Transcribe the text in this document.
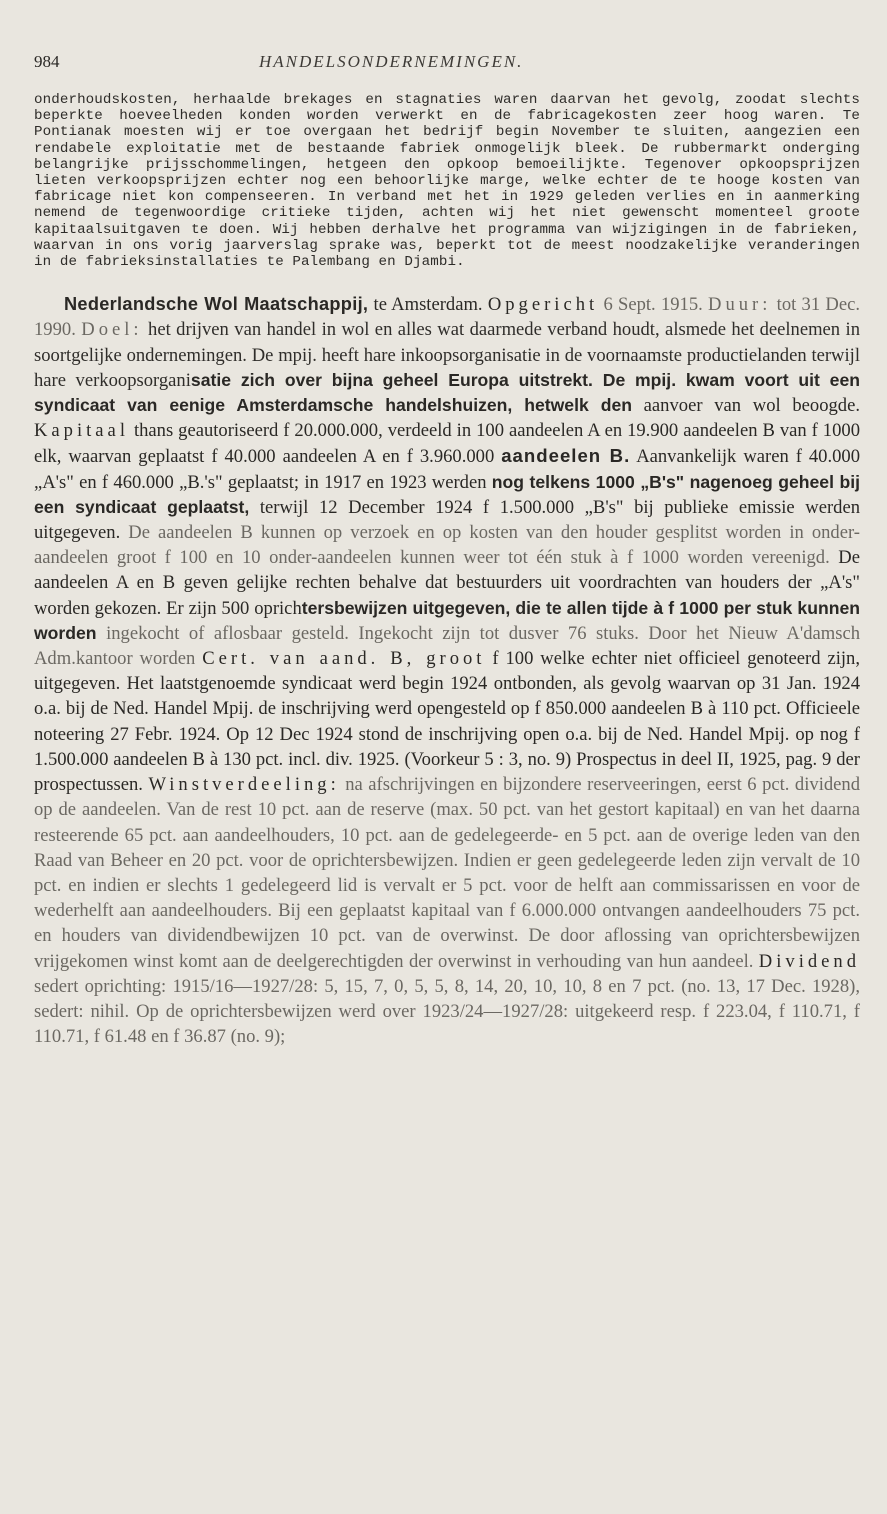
984	HANDELSONDERNEMINGEN.

onderhoudskosten, herhaalde brekages en stagnaties waren daarvan het gevolg, zoodat slechts beperkte hoeveelheden konden worden verwerkt en de fabricagekosten zeer hoog waren. Te Pontianak moesten wij er toe overgaan het bedrijf begin November te sluiten, aangezien een rendabele exploitatie met de bestaande fabriek onmogelijk bleek. De rubbermarkt onderging belangrijke prijsschommelingen, hetgeen den opkoop bemoeilijkte. Tegenover opkoopsprijzen lieten verkoopsprijzen echter nog een behoorlijke marge, welke echter de te hooge kosten van fabricage niet kon compenseeren. In verband met het in 1929 geleden verlies en in aanmerking nemend de tegenwoordige critieke tijden, achten wij het niet gewenscht momenteel groote kapitaalsuitgaven te doen. Wij hebben derhalve het programma van wijzigingen in de fabrieken, waarvan in ons vorig jaarverslag sprake was, beperkt tot de meest noodzakelijke veranderingen in de fabrieksinstallaties te Palembang en Djambi.

Nederlandsche Wol Maatschappij, te Amsterdam. Opgericht 6 Sept. 1915. Duur: tot 31 Dec. 1990. Doel: het drijven van handel in wol en alles wat daarmede verband houdt, alsmede het deelnemen in soortgelijke ondernemingen. De mpij. heeft hare inkoopsorganisatie in de voornaamste productielanden terwijl hare verkoopsorganisatie zich over bijna geheel Europa uitstrekt. De mpij. kwam voort uit een syndicaat van eenige Amsterdamsche handelshuizen, hetwelk den aanvoer van wol beoogde. Kapitaal thans geautoriseerd f 20.000.000, verdeeld in 100 aandeelen A en 19.900 aandeelen B van f 1000 elk, waarvan geplaatst f 40.000 aandeelen A en f 3.960.000 aandeelen B. Aanvankelijk waren f 40.000 „A's" en f 460.000 „B.'s" geplaatst; in 1917 en 1923 werden nog telkens 1000 „B's" nagenoeg geheel bij een syndicaat geplaatst, terwijl 12 December 1924 f 1.500.000 „B's" bij publieke emissie werden uitgegeven. De aandeelen B kunnen op verzoek en op kosten van den houder gesplitst worden in onder-aandeelen groot f 100 en 10 onder-aandeelen kunnen weer tot één stuk à f 1000 worden vereenigd. De aandeelen A en B geven gelijke rechten behalve dat bestuurders uit voordrachten van houders der „A's" worden gekozen. Er zijn 500 oprichtersbewijzen uitgegeven, die te allen tijde à f 1000 per stuk kunnen worden ingekocht of aflosbaar gesteld. Ingekocht zijn tot dusver 76 stuks. Door het Nieuw A'damsch Adm.kantoor worden Cert. van aand. B, groot f 100 welke echter niet officieel genoteerd zijn, uitgegeven. Het laatstgenoemde syndicaat werd begin 1924 ontbonden, als gevolg waarvan op 31 Jan. 1924 o.a. bij de Ned. Handel Mpij. de inschrijving werd opengesteld op f 850.000 aandeelen B à 110 pct. Officieele noteering 27 Febr. 1924. Op 12 Dec 1924 stond de inschrijving open o.a. bij de Ned. Handel Mpij. op nog f 1.500.000 aandeelen B à 130 pct. incl. div. 1925. (Voorkeur 5 : 3, no. 9) Prospectus in deel II, 1925, pag. 9 der prospectussen. Winstverdeeling: na afschrijvingen en bijzondere reserveeringen, eerst 6 pct. dividend op de aandeelen. Van de rest 10 pct. aan de reserve (max. 50 pct. van het gestort kapitaal) en van het daarna resteerende 65 pct. aan aandeelhouders, 10 pct. aan de gedelegeerde- en 5 pct. aan de overige leden van den Raad van Beheer en 20 pct. voor de oprichtersbewijzen. Indien er geen gedelegeerde leden zijn vervalt de 10 pct. en indien er slechts 1 gedelegeerd lid is vervalt er 5 pct. voor de helft aan commissarissen en voor de wederhelft aan aandeelhouders. Bij een geplaatst kapitaal van f 6.000.000 ontvangen aandeelhouders 75 pct. en houders van dividendbewijzen 10 pct. van de overwinst. De door aflossing van oprichtersbewijzen vrijgekomen winst komt aan de deelgerechtigden der overwinst in verhouding van hun aandeel. Dividend sedert oprichting: 1915/16—1927/28: 5, 15, 7, 0, 5, 5, 8, 14, 20, 10, 10, 8 en 7 pct. (no. 13, 17 Dec. 1928), sedert: nihil. Op de oprichtersbewijzen werd over 1923/24—1927/28: uitgekeerd resp. f 223.04, f 110.71, f 110.71, f 61.48 en f 36.87 (no. 9);
